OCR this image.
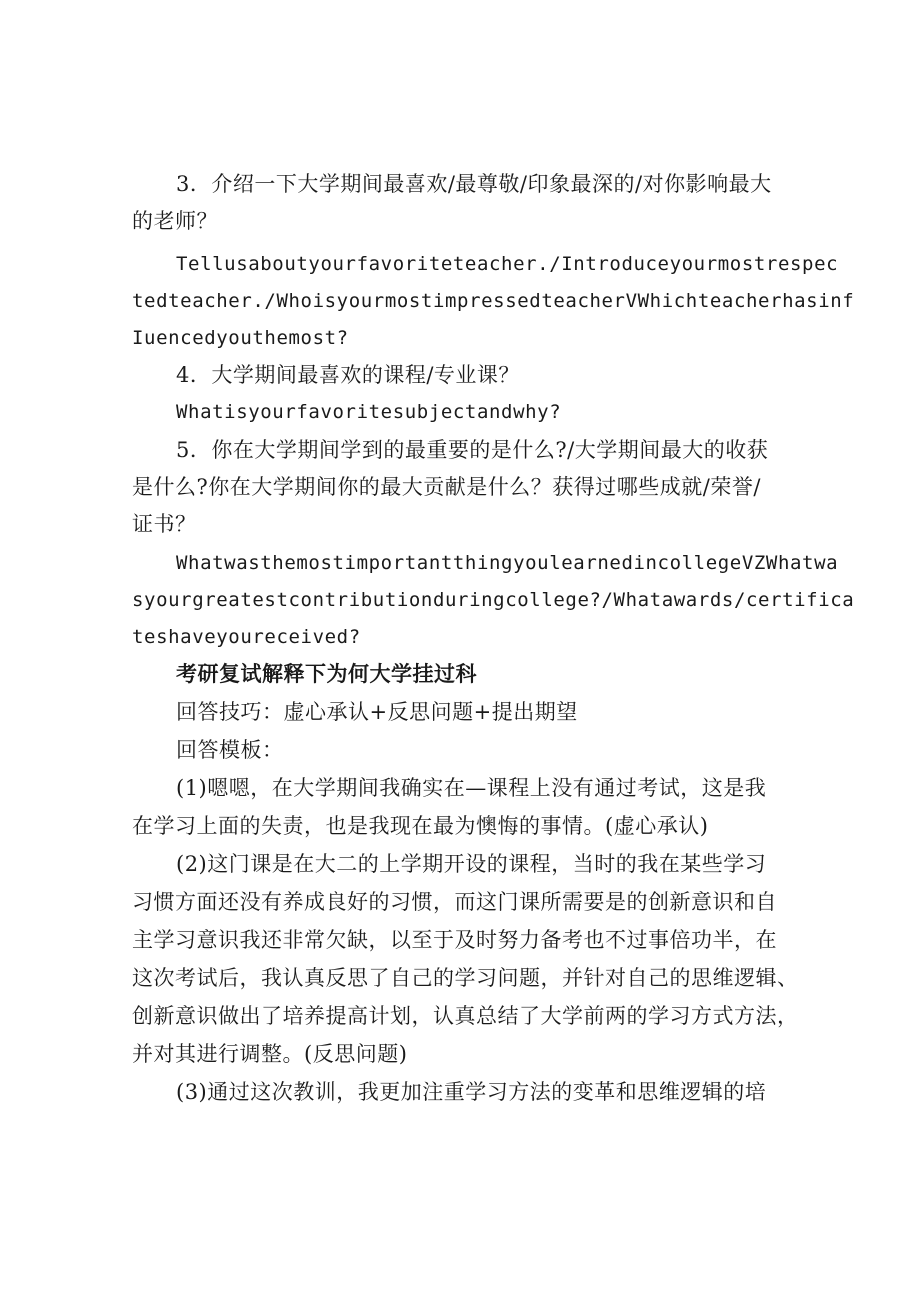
3．介绍一下大学期间最喜欢/最尊敬/印象最深的/对你影响最大
的老师？
Tellusaboutyourfavoriteteacher./Introduceyourmostrespec
tedteacher./WhoisyourmostimpressedteacherVWhichteacherhasinf
Iuencedyouthemost?
4．大学期间最喜欢的课程/专业课？
Whatisyourfavoritesubjectandwhy?
5．你在大学期间学到的最重要的是什么?/大学期间最大的收获
是什么?你在大学期间你的最大贡献是什么？获得过哪些成就/荣誉/
证书？
WhatwasthemostimportantthingyoulearnedincollegeVZWhatwa
syourgreatestcontributionduringcollege?/Whatawards/certifica
teshaveyoureceived?
考研复试解释下为何大学挂过科
回答技巧：虚心承认+反思问题+提出期望
回答模板：
(1)嗯嗯，在大学期间我确实在—课程上没有通过考试，这是我
在学习上面的失责，也是我现在最为懊悔的事情。(虚心承认)
(2)这门课是在大二的上学期开设的课程，当时的我在某些学习
习惯方面还没有养成良好的习惯，而这门课所需要是的创新意识和自
主学习意识我还非常欠缺，以至于及时努力备考也不过事倍功半，在
这次考试后，我认真反思了自己的学习问题，并针对自己的思维逻辑、
创新意识做出了培养提高计划，认真总结了大学前两的学习方式方法，
并对其进行调整。(反思问题)
(3)通过这次教训，我更加注重学习方法的变革和思维逻辑的培
